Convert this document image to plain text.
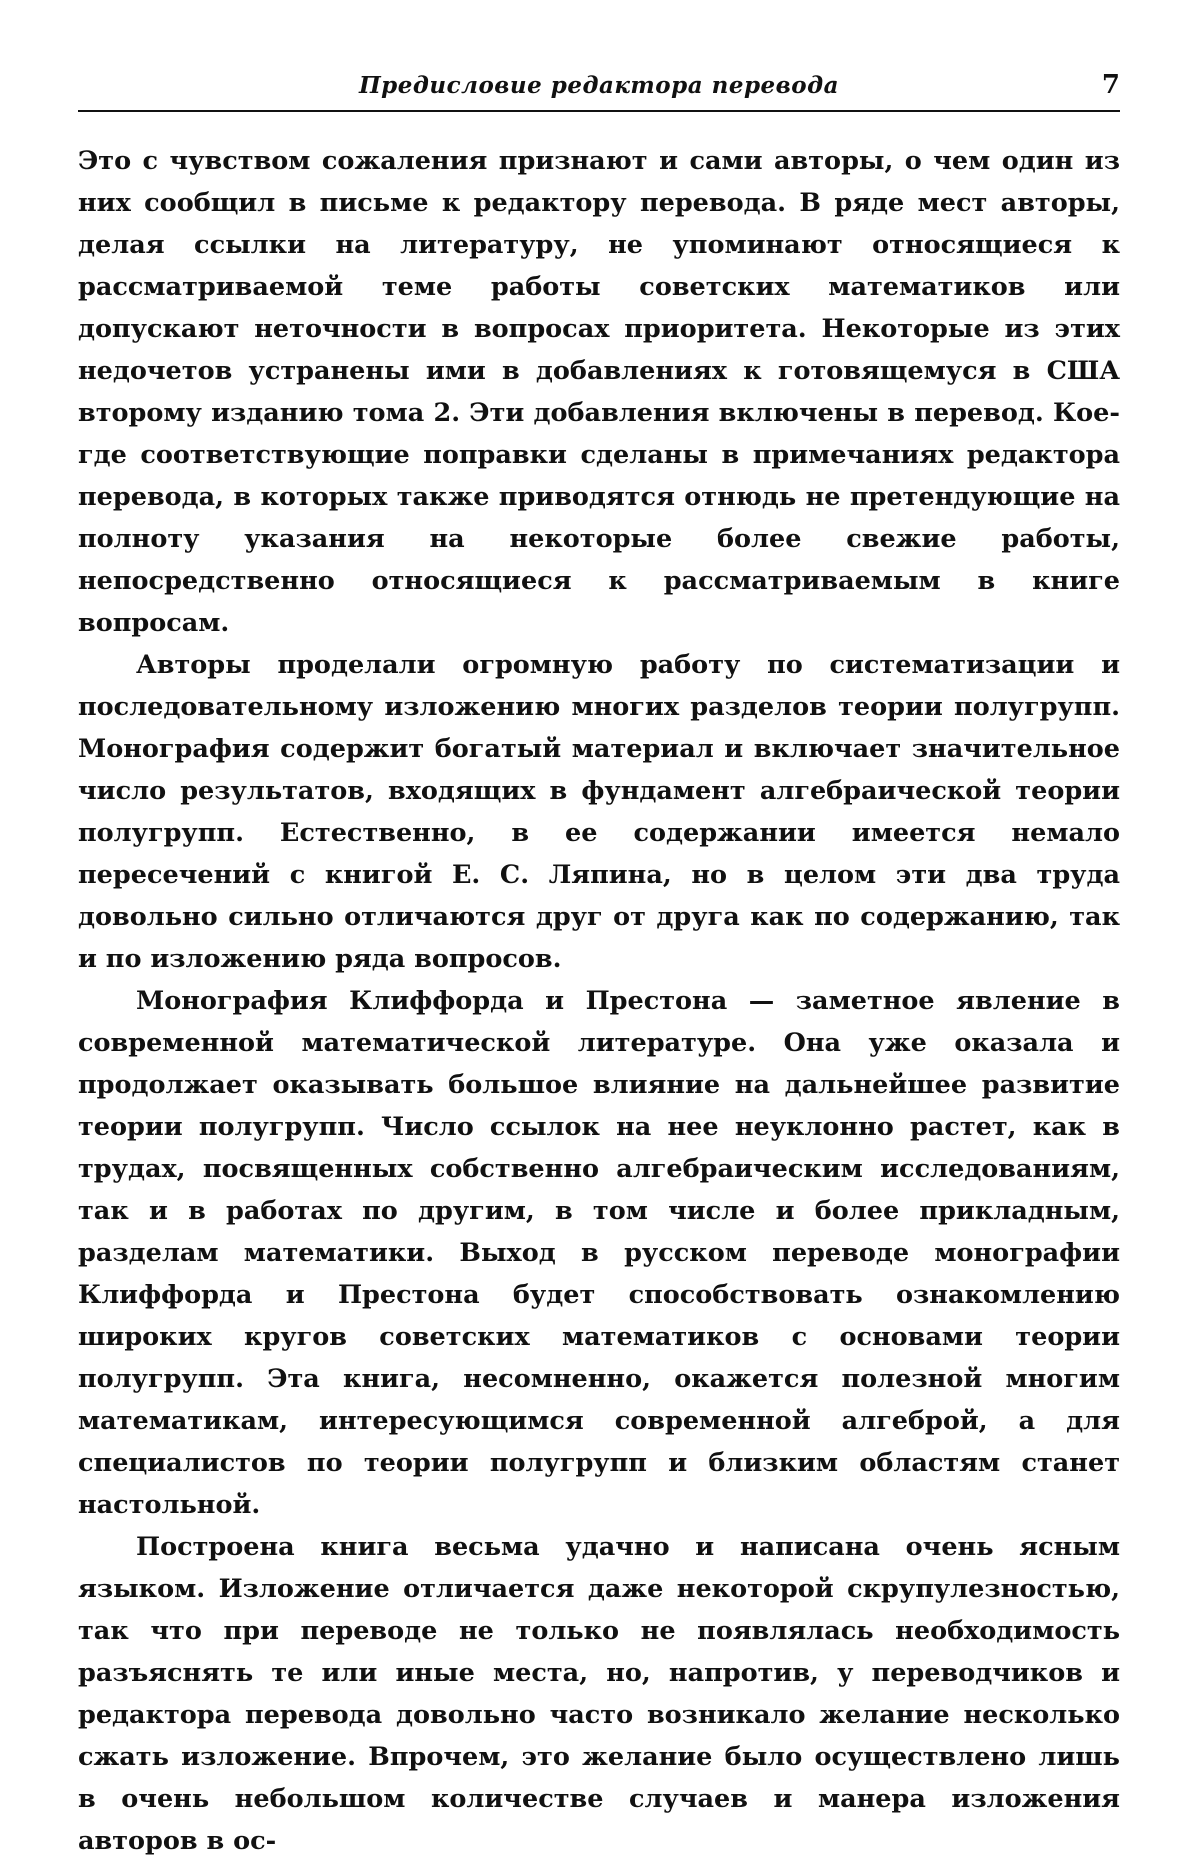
Предисловие редактора перевода	7

Это с чувством сожаления признают и сами авторы, о чем один из них сообщил в письме к редактору перевода. В ряде мест авторы, делая ссылки на литературу, не упоминают относящиеся к рассматриваемой теме работы советских математиков или допускают неточности в вопросах приоритета. Некоторые из этих недочетов устранены ими в добавлениях к готовящемуся в США второму изданию тома 2. Эти добавления включены в перевод. Кое-где соответствующие поправки сделаны в примечаниях редактора перевода, в которых также приводятся отнюдь не претендующие на полноту указания на некоторые более свежие работы, непосредственно относящиеся к рассматриваемым в книге вопросам.

Авторы проделали огромную работу по систематизации и последовательному изложению многих разделов теории полугрупп. Монография содержит богатый материал и включает значительное число результатов, входящих в фундамент алгебраической теории полугрупп. Естественно, в ее содержании имеется немало пересечений с книгой Е. С. Ляпина, но в целом эти два труда довольно сильно отличаются друг от друга как по содержанию, так и по изложению ряда вопросов.

Монография Клиффорда и Престона — заметное явление в современной математической литературе. Она уже оказала и продолжает оказывать большое влияние на дальнейшее развитие теории полугрупп. Число ссылок на нее неуклонно растет, как в трудах, посвященных собственно алгебраическим исследованиям, так и в работах по другим, в том числе и более прикладным, разделам математики. Выход в русском переводе монографии Клиффорда и Престона будет способствовать ознакомлению широких кругов советских математиков с основами теории полугрупп. Эта книга, несомненно, окажется полезной многим математикам, интересующимся современной алгеброй, а для специалистов по теории полугрупп и близким областям станет настольной.

Построена книга весьма удачно и написана очень ясным языком. Изложение отличается даже некоторой скрупулезностью, так что при переводе не только не появлялась необходимость разъяснять те или иные места, но, напротив, у переводчиков и редактора перевода довольно часто возникало желание несколько сжать изложение. Впрочем, это желание было осуществлено лишь в очень небольшом количестве случаев и манера изложения авторов в ос-
